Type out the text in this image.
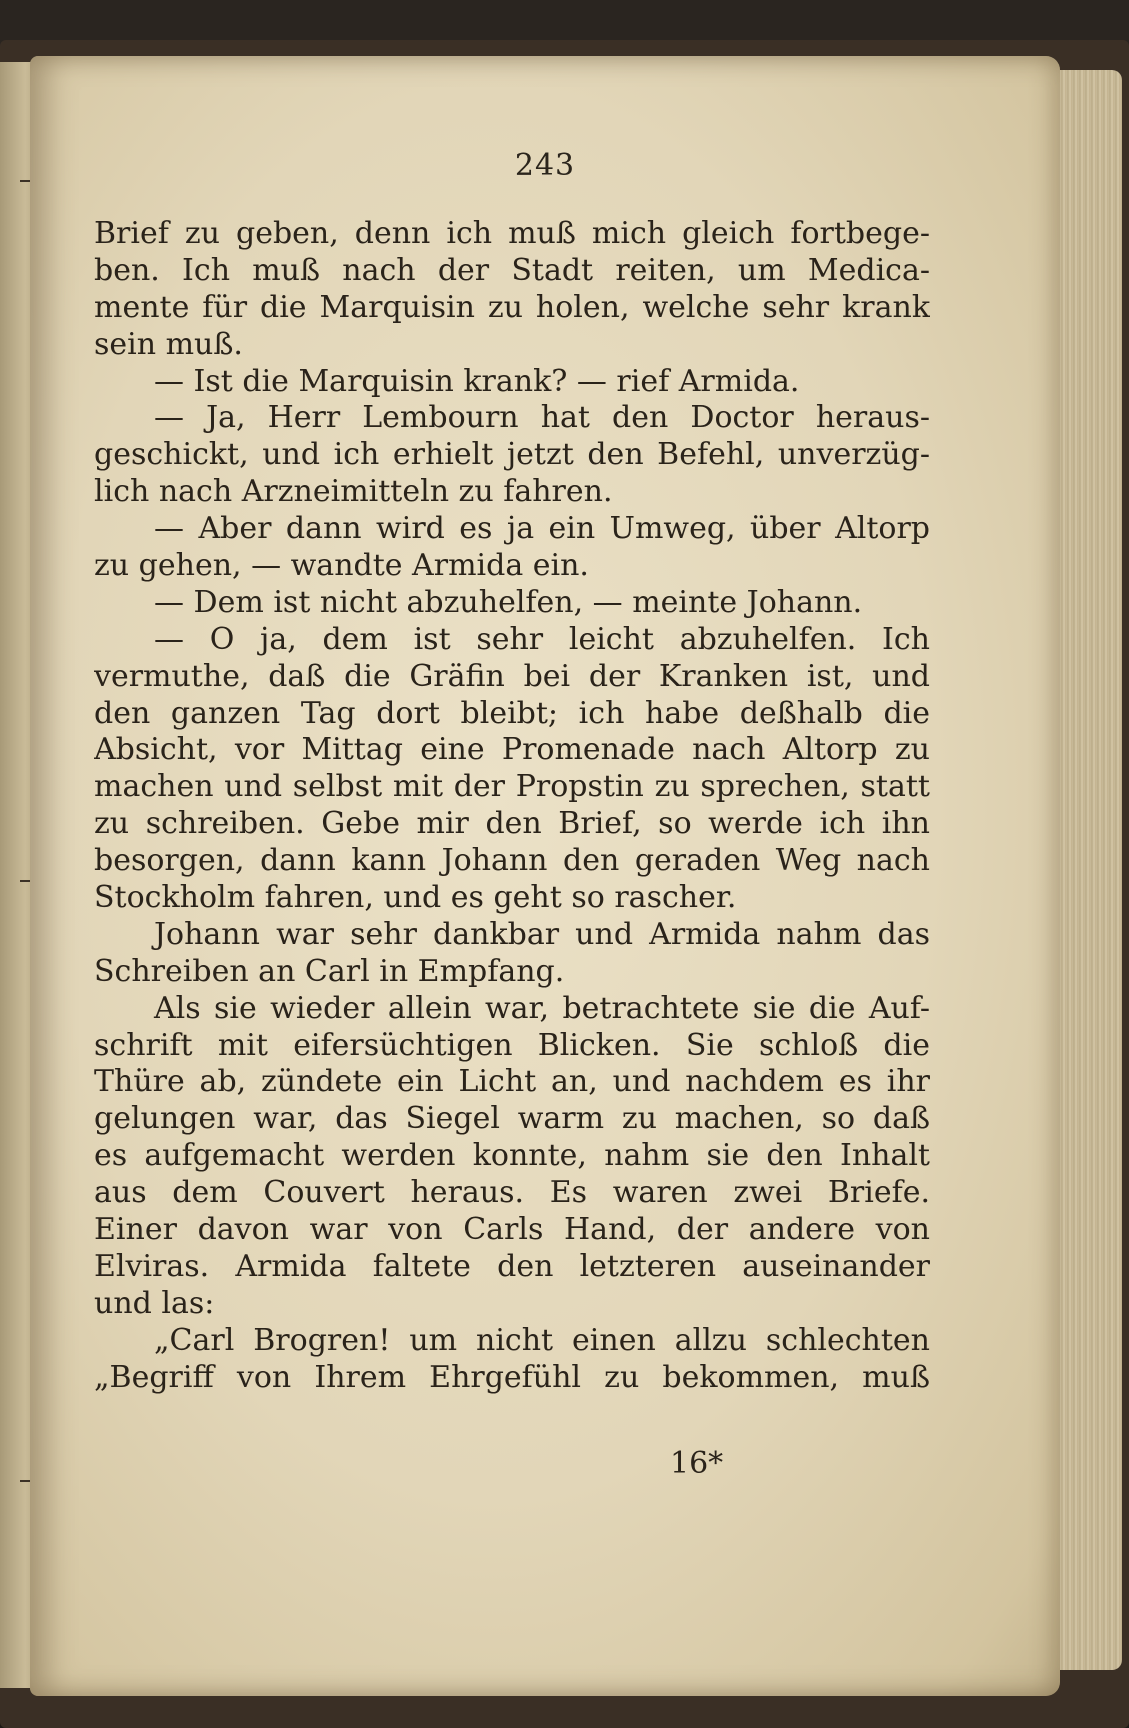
243
Brief zu geben, denn ich muß mich gleich fortbege-
ben. Ich muß nach der Stadt reiten, um Medica-
mente für die Marquisin zu holen, welche sehr krank
sein muß.
— Ist die Marquisin krank? — rief Armida.
— Ja, Herr Lembourn hat den Doctor heraus-
geschickt, und ich erhielt jetzt den Befehl, unverzüg-
lich nach Arzneimitteln zu fahren.
— Aber dann wird es ja ein Umweg, über Altorp
zu gehen, — wandte Armida ein.
— Dem ist nicht abzuhelfen, — meinte Johann.
— O ja, dem ist sehr leicht abzuhelfen. Ich
vermuthe, daß die Gräfin bei der Kranken ist, und
den ganzen Tag dort bleibt; ich habe deßhalb die
Absicht, vor Mittag eine Promenade nach Altorp zu
machen und selbst mit der Propstin zu sprechen, statt
zu schreiben. Gebe mir den Brief, so werde ich ihn
besorgen, dann kann Johann den geraden Weg nach
Stockholm fahren, und es geht so rascher.
Johann war sehr dankbar und Armida nahm das
Schreiben an Carl in Empfang.
Als sie wieder allein war, betrachtete sie die Auf-
schrift mit eifersüchtigen Blicken. Sie schloß die
Thüre ab, zündete ein Licht an, und nachdem es ihr
gelungen war, das Siegel warm zu machen, so daß
es aufgemacht werden konnte, nahm sie den Inhalt
aus dem Couvert heraus. Es waren zwei Briefe.
Einer davon war von Carls Hand, der andere von
Elviras. Armida faltete den letzteren auseinander
und las:
„Carl Brogren! um nicht einen allzu schlechten
„Begriff von Ihrem Ehrgefühl zu bekommen, muß
16*
